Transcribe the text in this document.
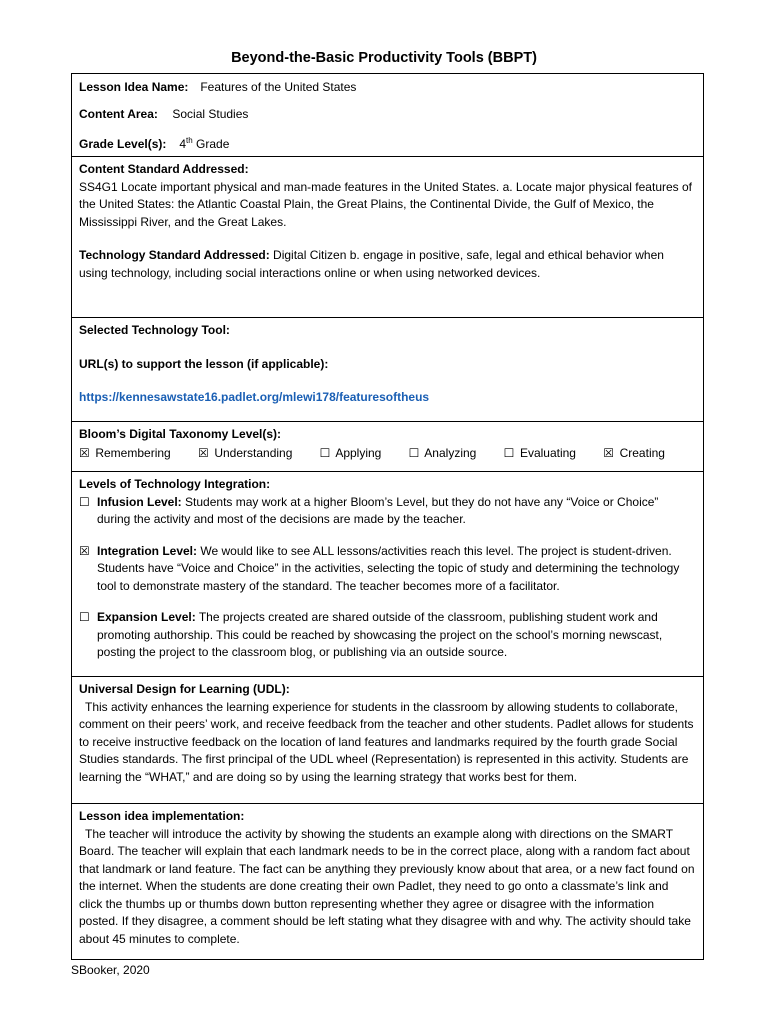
Beyond-the-Basic Productivity Tools (BBPT)
Lesson Idea Name: Features of the United States
Content Area: Social Studies
Grade Level(s): 4th Grade
Content Standard Addressed:

SS4G1 Locate important physical and man-made features in the United States. a. Locate major physical features of the United States: the Atlantic Coastal Plain, the Great Plains, the Continental Divide, the Gulf of Mexico, the Mississippi River, and the Great Lakes.

Technology Standard Addressed: Digital Citizen b. engage in positive, safe, legal and ethical behavior when using technology, including social interactions online or when using networked devices.

Selected Technology Tool:
URL(s) to support the lesson (if applicable):
https://kennesawstate16.padlet.org/mlewi178/featuresoftheus
Bloom’s Digital Taxonomy Level(s):
☒ Remembering ☒ Understanding ☐ Applying ☐ Analyzing ☐ Evaluating ☒ Creating
Levels of Technology Integration:
☐ Infusion Level: Students may work at a higher Bloom’s Level, but they do not have any “Voice or Choice” during the activity and most of the decisions are made by the teacher.
☒ Integration Level: We would like to see ALL lessons/activities reach this level. The project is student-driven. Students have “Voice and Choice” in the activities, selecting the topic of study and determining the technology tool to demonstrate mastery of the standard. The teacher becomes more of a facilitator.
☐ Expansion Level: The projects created are shared outside of the classroom, publishing student work and promoting authorship. This could be reached by showcasing the project on the school’s morning newscast, posting the project to the classroom blog, or publishing via an outside source.
Universal Design for Learning (UDL):

This activity enhances the learning experience for students in the classroom by allowing students to collaborate, comment on their peers’ work, and receive feedback from the teacher and other students. Padlet allows for students to receive instructive feedback on the location of land features and landmarks required by the fourth grade Social Studies standards. The first principal of the UDL wheel (Representation) is represented in this activity. Students are learning the “WHAT,” and are doing so by using the learning strategy that works best for them.

Lesson idea implementation:

The teacher will introduce the activity by showing the students an example along with directions on the SMART Board. The teacher will explain that each landmark needs to be in the correct place, along with a random fact about that landmark or land feature. The fact can be anything they previously know about that area, or a new fact found on the internet. When the students are done creating their own Padlet, they need to go onto a classmate’s link and click the thumbs up or thumbs down button representing whether they agree or disagree with the information posted. If they disagree, a comment should be left stating what they disagree with and why. The activity should take about 45 minutes to complete.

SBooker, 2020
